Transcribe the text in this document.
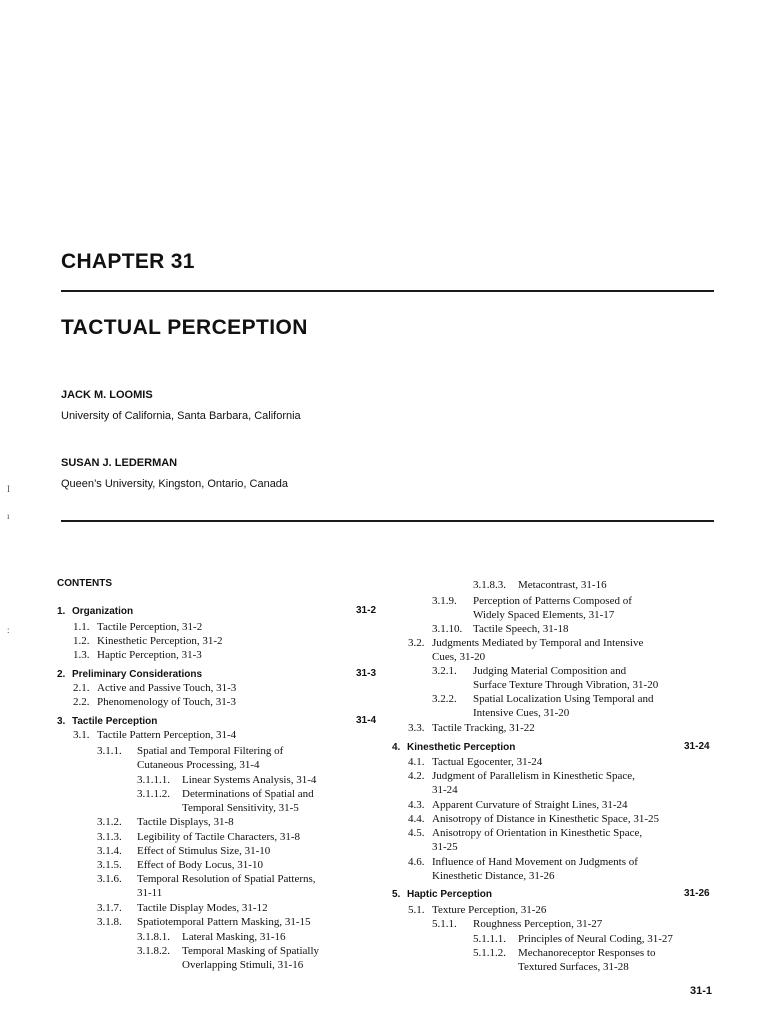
CHAPTER 31
TACTUAL PERCEPTION
JACK M. LOOMIS
University of California, Santa Barbara, California
SUSAN J. LEDERMAN
Queen’s University, Kingston, Ontario, Canada
I
ı
:
CONTENTS
1. Organization	31-2
1.1. Tactile Perception, 31-2
1.2. Kinesthetic Perception, 31-2
1.3. Haptic Perception, 31-3
2. Preliminary Considerations	31-3
2.1. Active and Passive Touch, 31-3
2.2. Phenomenology of Touch, 31-3
3. Tactile Perception	31-4
3.1. Tactile Pattern Perception, 31-4
3.1.1. Spatial and Temporal Filtering of
Cutaneous Processing, 31-4
3.1.1.1. Linear Systems Analysis, 31-4
3.1.1.2. Determinations of Spatial and
Temporal Sensitivity, 31-5
3.1.2. Tactile Displays, 31-8
3.1.3. Legibility of Tactile Characters, 31-8
3.1.4. Effect of Stimulus Size, 31-10
3.1.5. Effect of Body Locus, 31-10
3.1.6. Temporal Resolution of Spatial Patterns,
31-11
3.1.7. Tactile Display Modes, 31-12
3.1.8. Spatiotemporal Pattern Masking, 31-15
3.1.8.1. Lateral Masking, 31-16
3.1.8.2. Temporal Masking of Spatially
Overlapping Stimuli, 31-16
3.1.8.3. Metacontrast, 31-16
3.1.9. Perception of Patterns Composed of
Widely Spaced Elements, 31-17
3.1.10. Tactile Speech, 31-18
3.2. Judgments Mediated by Temporal and Intensive
Cues, 31-20
3.2.1. Judging Material Composition and
Surface Texture Through Vibration, 31-20
3.2.2. Spatial Localization Using Temporal and
Intensive Cues, 31-20
3.3. Tactile Tracking, 31-22
4. Kinesthetic Perception	31-24
4.1. Tactual Egocenter, 31-24
4.2. Judgment of Parallelism in Kinesthetic Space,
31-24
4.3. Apparent Curvature of Straight Lines, 31-24
4.4. Anisotropy of Distance in Kinesthetic Space, 31-25
4.5. Anisotropy of Orientation in Kinesthetic Space,
31-25
4.6. Influence of Hand Movement on Judgments of
Kinesthetic Distance, 31-26
5. Haptic Perception	31-26
5.1. Texture Perception, 31-26
5.1.1. Roughness Perception, 31-27
5.1.1.1. Principles of Neural Coding, 31-27
5.1.1.2. Mechanoreceptor Responses to
Textured Surfaces, 31-28
31-1
